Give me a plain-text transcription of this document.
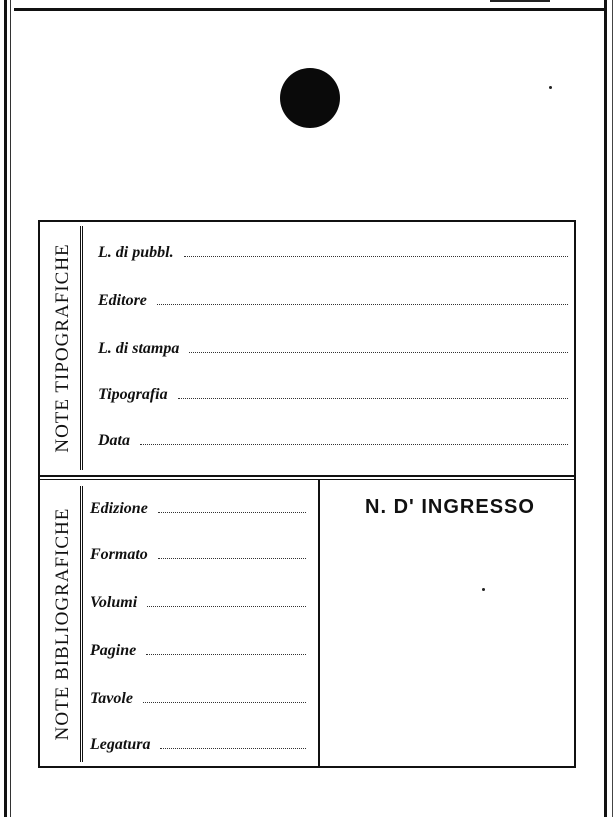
NOTE TIPOGRAFICHE L. di pubbl.
Editore
L. di stampa
Tipografia
Data
NOTE BIBLIOGRAFICHE Edizione
Formato
Volumi
Pagine
Tavole
Legatura
N. D' INGRESSO
